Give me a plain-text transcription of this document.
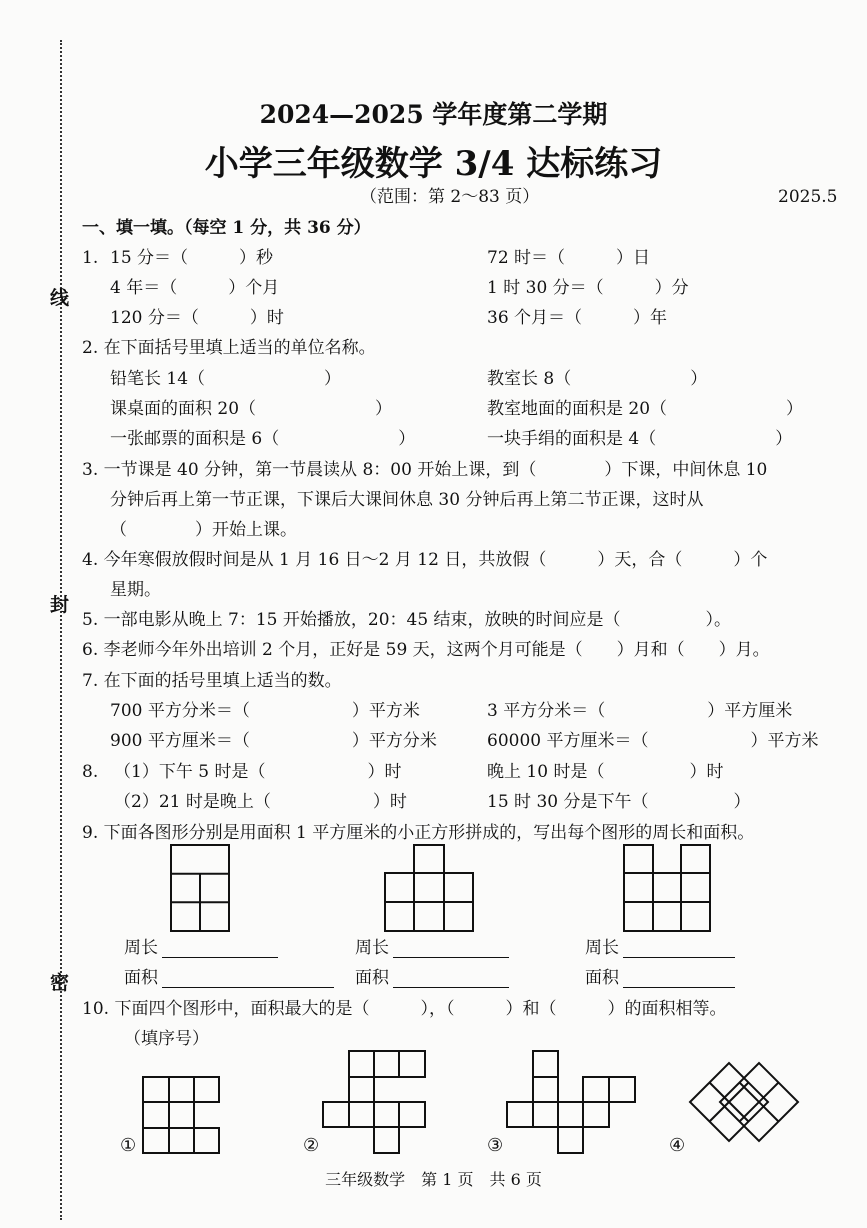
线
封
密
2024—2025 学年度第二学期
小学三年级数学 3/4 达标练习
（范围：第 2～83 页）	2025.5
一、填一填。（每空 1 分，共 36 分）
1. 15 分＝（　　　）秒	72 时＝（　　　）日
4 年＝（　　　）个月	1 时 30 分＝（　　　）分
120 分＝（　　　）时	36 个月＝（　　　）年
2. 在下面括号里填上适当的单位名称。
铅笔长 14（　　　　　　　）	教室长 8（　　　　　　　）
课桌面的面积 20（　　　　　　　）	教室地面的面积是 20（　　　　　　　）
一张邮票的面积是 6（　　　　　　　）	一块手绢的面积是 4（　　　　　　　）
3. 一节课是 40 分钟，第一节晨读从 8：00 开始上课，到（　　　　）下课，中间休息 10
分钟后再上第一节正课，下课后大课间休息 30 分钟后再上第二节正课，这时从
（　　　　）开始上课。
4. 今年寒假放假时间是从 1 月 16 日～2 月 12 日，共放假（　　　）天，合（　　　）个
星期。
5. 一部电影从晚上 7：15 开始播放，20：45 结束，放映的时间应是（　　　　　）。
6. 李老师今年外出培训 2 个月，正好是 59 天，这两个月可能是（　　）月和（　　）月。
7. 在下面的括号里填上适当的数。
700 平方分米＝（　　　　　　）平方米	3 平方分米＝（　　　　　　）平方厘米
900 平方厘米＝（　　　　　　）平方分米	60000 平方厘米＝（　　　　　　）平方米
8. （1）下午 5 时是（　　　　　　）时	晚上 10 时是（　　　　　）时
（2）21 时是晚上（　　　　　　）时	15 时 30 分是下午（　　　　　）
9. 下面各图形分别是用面积 1 平方厘米的小正方形拼成的，写出每个图形的周长和面积。
周长	周长	周长
面积	面积	面积
10. 下面四个图形中，面积最大的是（　　　），（　　　）和（　　　）的面积相等。
（填序号）
①	②	③	④
三年级数学　第 1 页　共 6 页
